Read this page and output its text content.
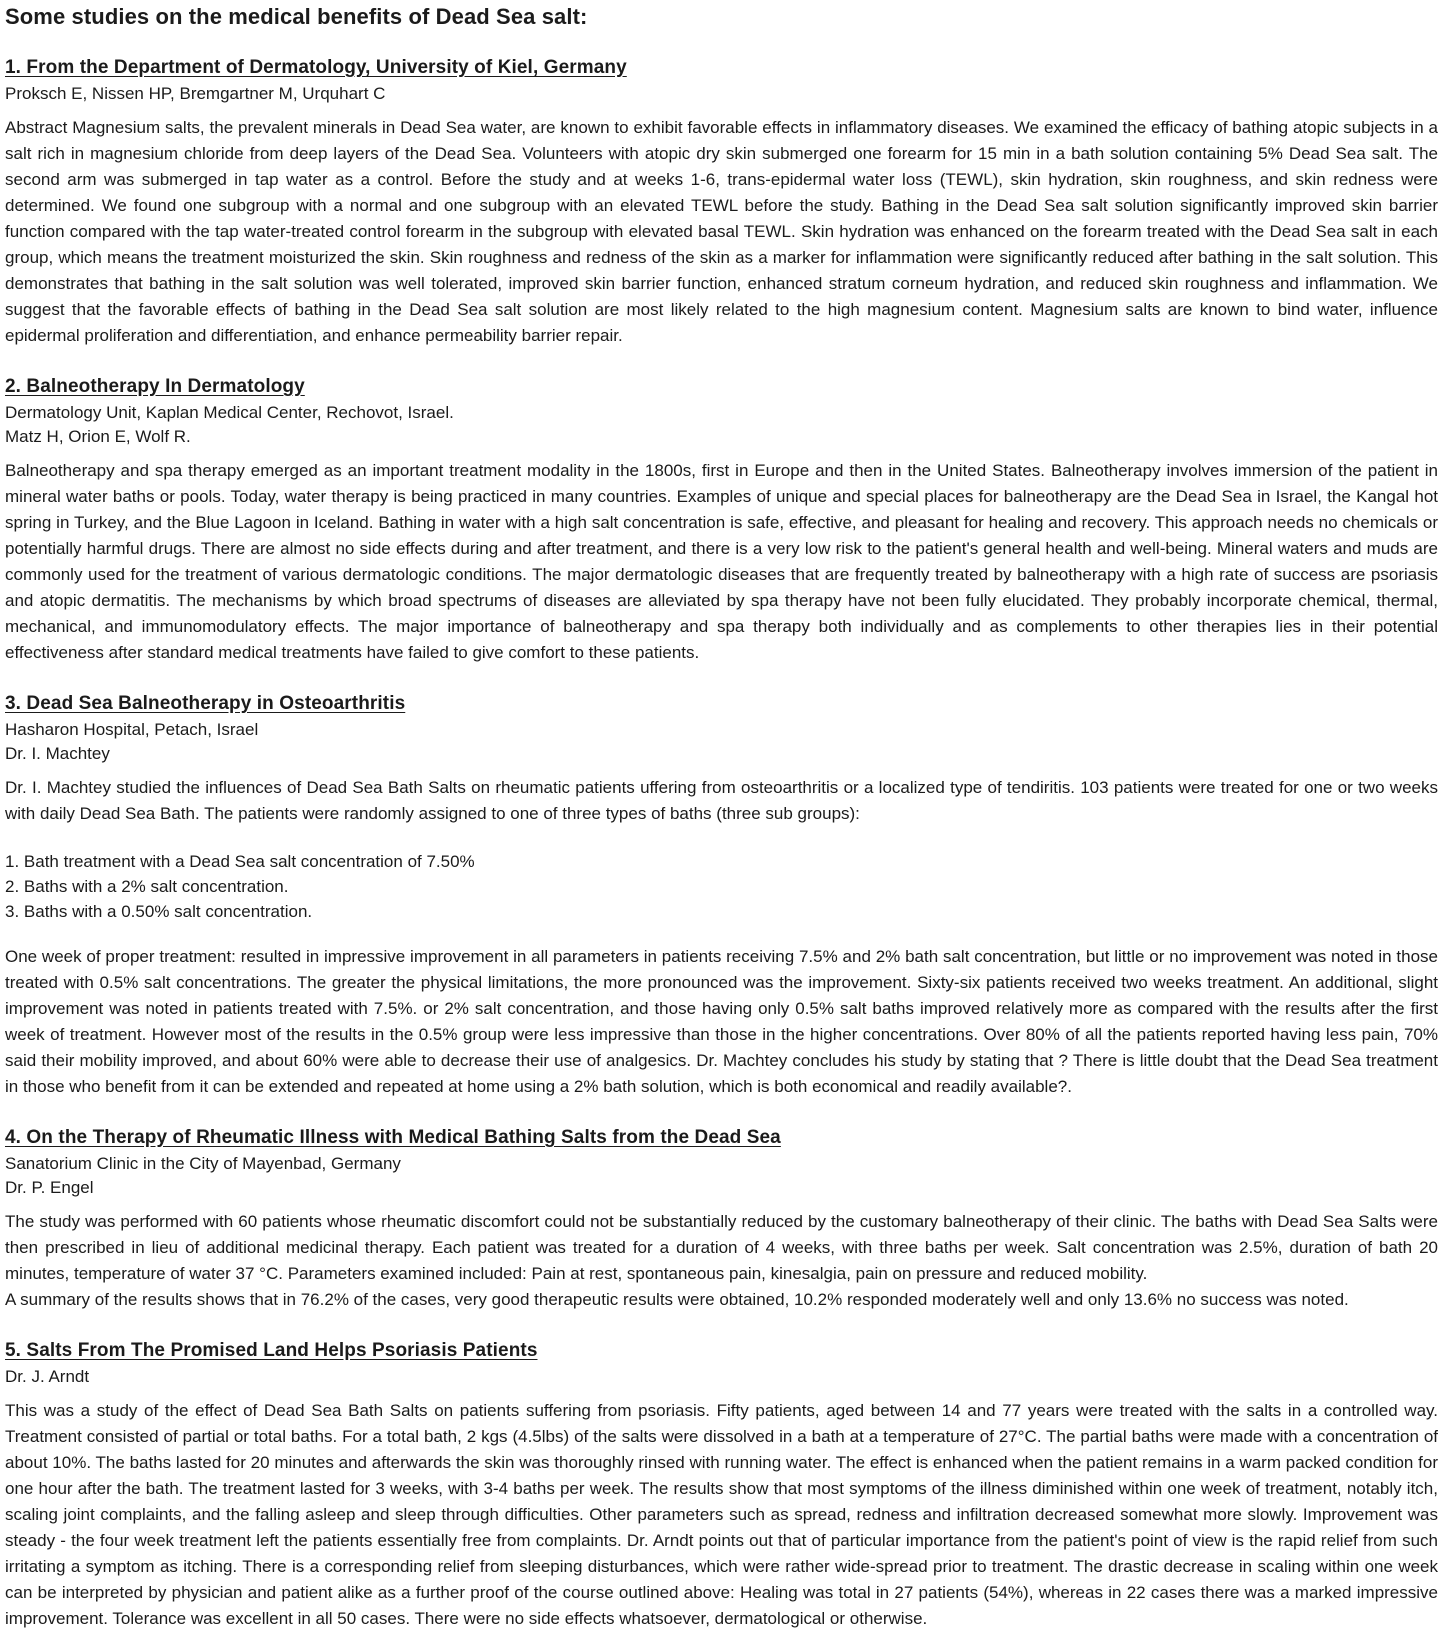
Some studies on the medical benefits of Dead Sea salt:
1. From the Department of Dermatology, University of Kiel, Germany
Proksch E, Nissen HP, Bremgartner M, Urquhart C

Abstract Magnesium salts, the prevalent minerals in Dead Sea water, are known to exhibit favorable effects in inflammatory diseases. We examined the efficacy of bathing atopic subjects in a salt rich in magnesium chloride from deep layers of the Dead Sea. Volunteers with atopic dry skin submerged one forearm for 15 min in a bath solution containing 5% Dead Sea salt. The second arm was submerged in tap water as a control. Before the study and at weeks 1-6, trans-epidermal water loss (TEWL), skin hydration, skin roughness, and skin redness were determined. We found one subgroup with a normal and one subgroup with an elevated TEWL before the study. Bathing in the Dead Sea salt solution significantly improved skin barrier function compared with the tap water-treated control forearm in the subgroup with elevated basal TEWL. Skin hydration was enhanced on the forearm treated with the Dead Sea salt in each group, which means the treatment moisturized the skin. Skin roughness and redness of the skin as a marker for inflammation were significantly reduced after bathing in the salt solution. This demonstrates that bathing in the salt solution was well tolerated, improved skin barrier function, enhanced stratum corneum hydration, and reduced skin roughness and inflammation. We suggest that the favorable effects of bathing in the Dead Sea salt solution are most likely related to the high magnesium content. Magnesium salts are known to bind water, influence epidermal proliferation and differentiation, and enhance permeability barrier repair.

2. Balneotherapy In Dermatology
Dermatology Unit, Kaplan Medical Center, Rechovot, Israel.
Matz H, Orion E, Wolf R.

Balneotherapy and spa therapy emerged as an important treatment modality in the 1800s, first in Europe and then in the United States. Balneotherapy involves immersion of the patient in mineral water baths or pools. Today, water therapy is being practiced in many countries. Examples of unique and special places for balneotherapy are the Dead Sea in Israel, the Kangal hot spring in Turkey, and the Blue Lagoon in Iceland. Bathing in water with a high salt concentration is safe, effective, and pleasant for healing and recovery. This approach needs no chemicals or potentially harmful drugs. There are almost no side effects during and after treatment, and there is a very low risk to the patient's general health and well-being. Mineral waters and muds are commonly used for the treatment of various dermatologic conditions. The major dermatologic diseases that are frequently treated by balneotherapy with a high rate of success are psoriasis and atopic dermatitis. The mechanisms by which broad spectrums of diseases are alleviated by spa therapy have not been fully elucidated. They probably incorporate chemical, thermal, mechanical, and immunomodulatory effects. The major importance of balneotherapy and spa therapy both individually and as complements to other therapies lies in their potential effectiveness after standard medical treatments have failed to give comfort to these patients.

3. Dead Sea Balneotherapy in Osteoarthritis
Hasharon Hospital, Petach, Israel
Dr. I. Machtey

Dr. I. Machtey studied the influences of Dead Sea Bath Salts on rheumatic patients uffering from osteoarthritis or a localized type of tendiritis. 103 patients were treated for one or two weeks with daily Dead Sea Bath. The patients were randomly assigned to one of three types of baths (three sub groups):

1. Bath treatment with a Dead Sea salt concentration of 7.50%
2. Baths with a 2% salt concentration.
3. Baths with a 0.50% salt concentration.

One week of proper treatment: resulted in impressive improvement in all parameters in patients receiving 7.5% and 2% bath salt concentration, but little or no improvement was noted in those treated with 0.5% salt concentrations. The greater the physical limitations, the more pronounced was the improvement. Sixty-six patients received two weeks treatment. An additional, slight improvement was noted in patients treated with 7.5%. or 2% salt concentration, and those having only 0.5% salt baths improved relatively more as compared with the results after the first week of treatment. However most of the results in the 0.5% group were less impressive than those in the higher concentrations. Over 80% of all the patients reported having less pain, 70% said their mobility improved, and about 60% were able to decrease their use of analgesics. Dr. Machtey concludes his study by stating that ? There is little doubt that the Dead Sea treatment in those who benefit from it can be extended and repeated at home using a 2% bath solution, which is both economical and readily available?.

4. On the Therapy of Rheumatic Illness with Medical Bathing Salts from the Dead Sea
Sanatorium Clinic in the City of Mayenbad, Germany
Dr. P. Engel

The study was performed with 60 patients whose rheumatic discomfort could not be substantially reduced by the customary balneotherapy of their clinic. The baths with Dead Sea Salts were then prescribed in lieu of additional medicinal therapy. Each patient was treated for a duration of 4 weeks, with three baths per week. Salt concentration was 2.5%, duration of bath 20 minutes, temperature of water 37 °C. Parameters examined included: Pain at rest, spontaneous pain, kinesalgia, pain on pressure and reduced mobility.

A summary of the results shows that in 76.2% of the cases, very good therapeutic results were obtained, 10.2% responded moderately well and only 13.6% no success was noted.

5. Salts From The Promised Land Helps Psoriasis Patients
Dr. J. Arndt

This was a study of the effect of Dead Sea Bath Salts on patients suffering from psoriasis. Fifty patients, aged between 14 and 77 years were treated with the salts in a controlled way. Treatment consisted of partial or total baths. For a total bath, 2 kgs (4.5lbs) of the salts were dissolved in a bath at a temperature of 27°C. The partial baths were made with a concentration of about 10%. The baths lasted for 20 minutes and afterwards the skin was thoroughly rinsed with running water. The effect is enhanced when the patient remains in a warm packed condition for one hour after the bath. The treatment lasted for 3 weeks, with 3-4 baths per week. The results show that most symptoms of the illness diminished within one week of treatment, notably itch, scaling joint complaints, and the falling asleep and sleep through difficulties. Other parameters such as spread, redness and infiltration decreased somewhat more slowly. Improvement was steady - the four week treatment left the patients essentially free from complaints. Dr. Arndt points out that of particular importance from the patient's point of view is the rapid relief from such irritating a symptom as itching. There is a corresponding relief from sleeping disturbances, which were rather wide-spread prior to treatment. The drastic decrease in scaling within one week can be interpreted by physician and patient alike as a further proof of the course outlined above: Healing was total in 27 patients (54%), whereas in 22 cases there was a marked impressive improvement. Tolerance was excellent in all 50 cases. There were no side effects whatsoever, dermatological or otherwise.
